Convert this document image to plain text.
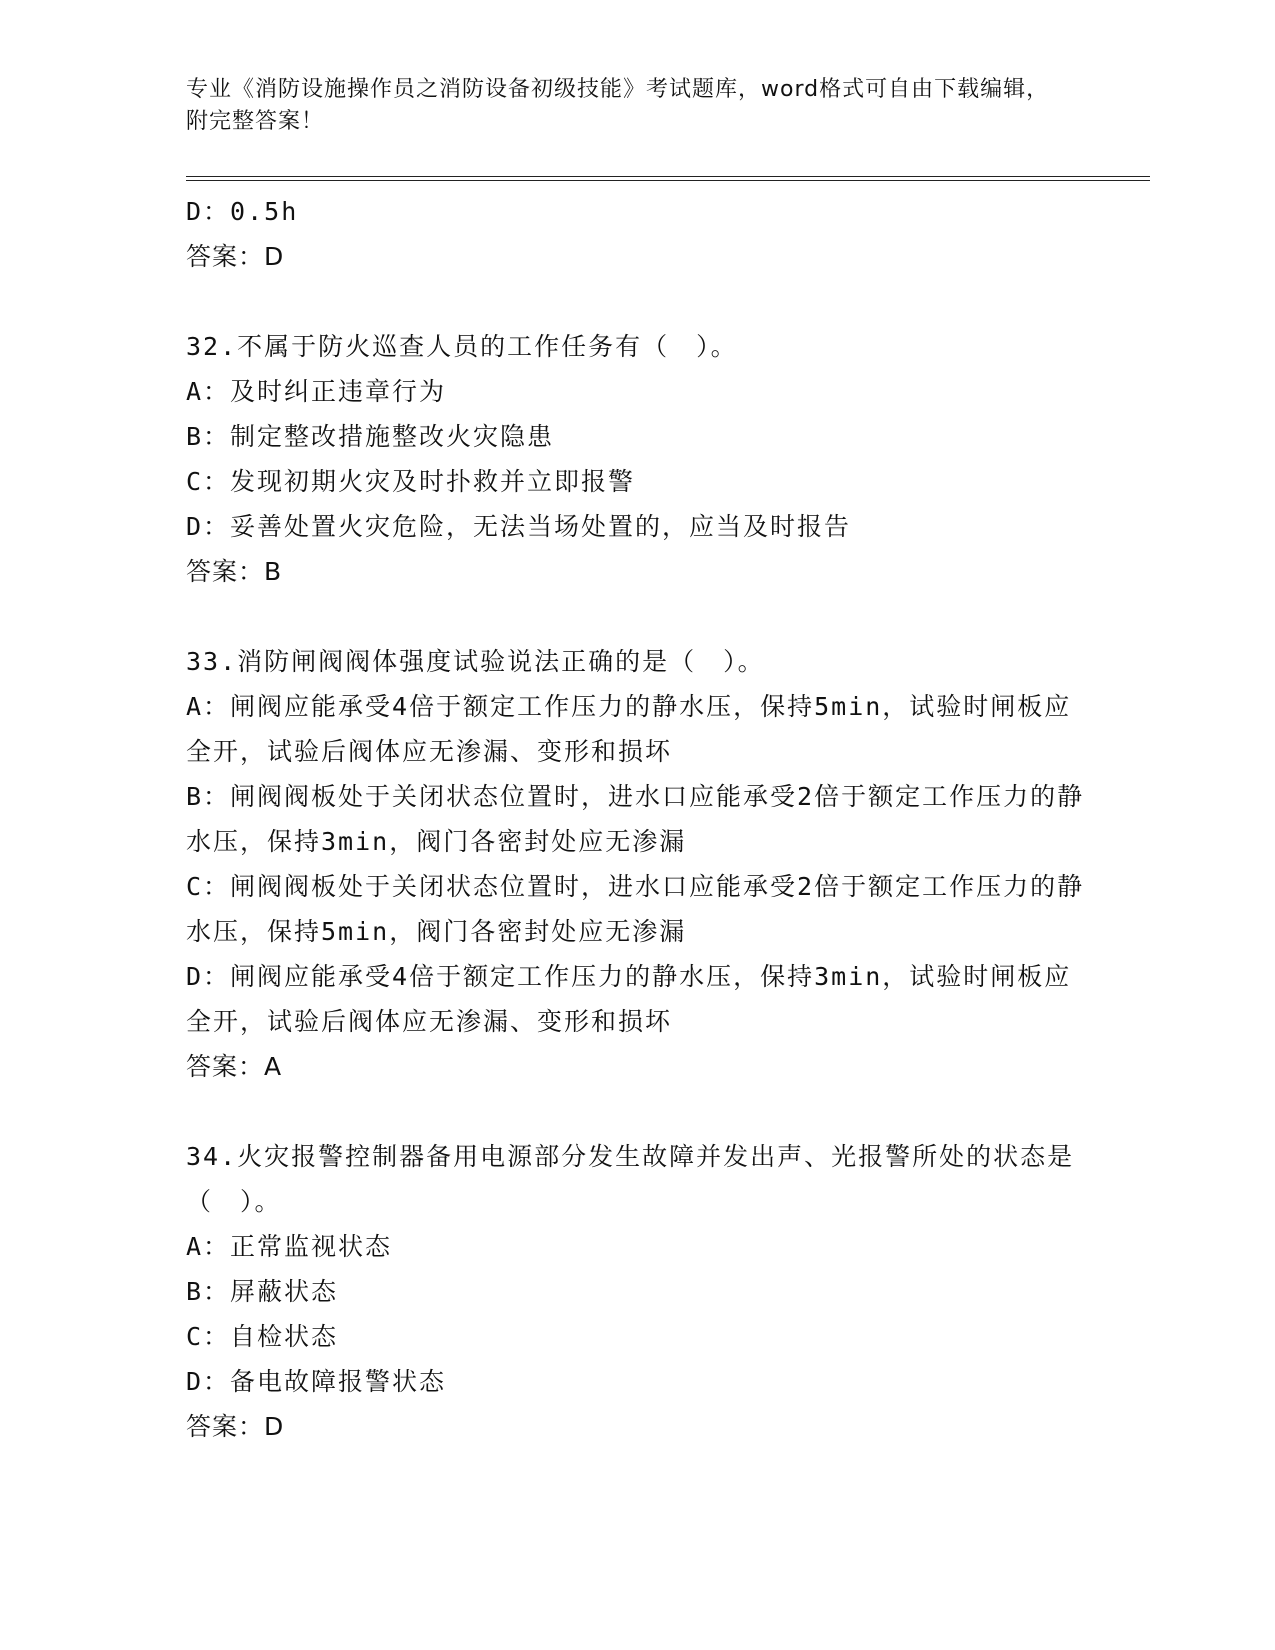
专业《消防设施操作员之消防设备初级技能》考试题库，word格式可自由下载编辑，附完整答案！

D：0.5h

答案：D

32.不属于防火巡查人员的工作任务有（　）。

A：及时纠正违章行为

B：制定整改措施整改火灾隐患

C：发现初期火灾及时扑救并立即报警

D：妥善处置火灾危险，无法当场处置的，应当及时报告

答案：B

33.消防闸阀阀体强度试验说法正确的是（　）。

A：闸阀应能承受4倍于额定工作压力的静水压，保持5min，试验时闸板应全开，试验后阀体应无渗漏、变形和损坏

B：闸阀阀板处于关闭状态位置时，进水口应能承受2倍于额定工作压力的静水压，保持3min，阀门各密封处应无渗漏

C：闸阀阀板处于关闭状态位置时，进水口应能承受2倍于额定工作压力的静水压，保持5min，阀门各密封处应无渗漏

D：闸阀应能承受4倍于额定工作压力的静水压，保持3min，试验时闸板应全开，试验后阀体应无渗漏、变形和损坏

答案：A

34.火灾报警控制器备用电源部分发生故障并发出声、光报警所处的状态是（　）。

A：正常监视状态

B：屏蔽状态

C：自检状态

D：备电故障报警状态

答案：D
